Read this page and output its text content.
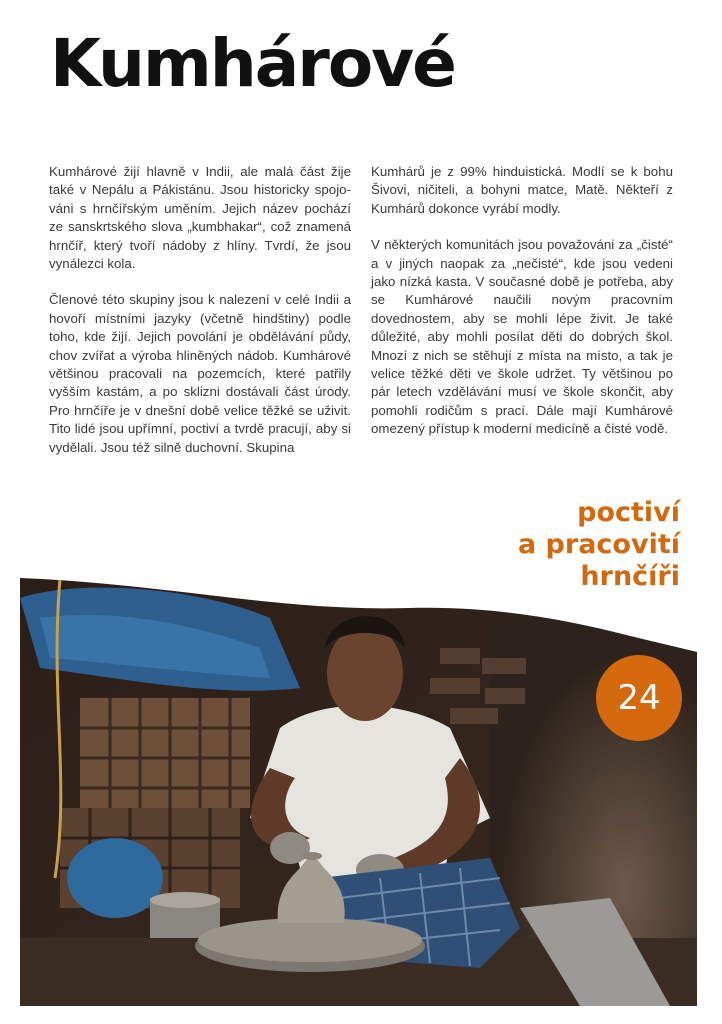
Kumhárové

Kumhárové žijí hlavně v Indii, ale malá část žije také v Nepálu a Pákistánu. Jsou historicky spojováni s hrnčířským uměním. Jejich název pochází ze sanskrtského slova „kumbhakar“, což znamená hrnčíř, který tvoří nádoby z hlíny. Tvrdí, že jsou vynálezci kola.

Členové této skupiny jsou k nalezení v celé Indii a hovoří místními jazyky (včetně hindštiny) podle toho, kde žijí. Jejich povolání je obdělávání půdy, chov zvířat a výroba hliněných nádob. Kumhárové většinou pracovali na pozemcích, které patřily vyšším kastám, a po sklizni dostávali část úrody. Pro hrnčíře je v dnešní době velice těžké se uživit. Tito lidé jsou upřímní, poctiví a tvrdě pracují, aby si vydělali. Jsou též silně duchovní. Skupina

Kumhárů je z 99% hinduistická. Modlí se k bohu Šivovi, ničiteli, a bohyni matce, Matě. Někteří z Kumhárů dokonce vyrábí modly.

V některých komunitách jsou považováni za „čisté“ a v jiných naopak za „nečisté“, kde jsou vedeni jako nízká kasta. V současné době je potřeba, aby se Kumhárové naučili novým pracovním dovednostem, aby se mohli lépe živit. Je také důležité, aby mohli posílat děti do dobrých škol. Mnozí z nich se stěhují z místa na místo, a tak je velice těžké děti ve škole udržet. Ty většinou po pár letech vzdělávání musí ve škole skončit, aby pomohli rodičům s prací. Dále mají Kumhárové omezený přístup k moderní medicíně a čisté vodě.

poctiví
a pracovití
hrnčíři
24
